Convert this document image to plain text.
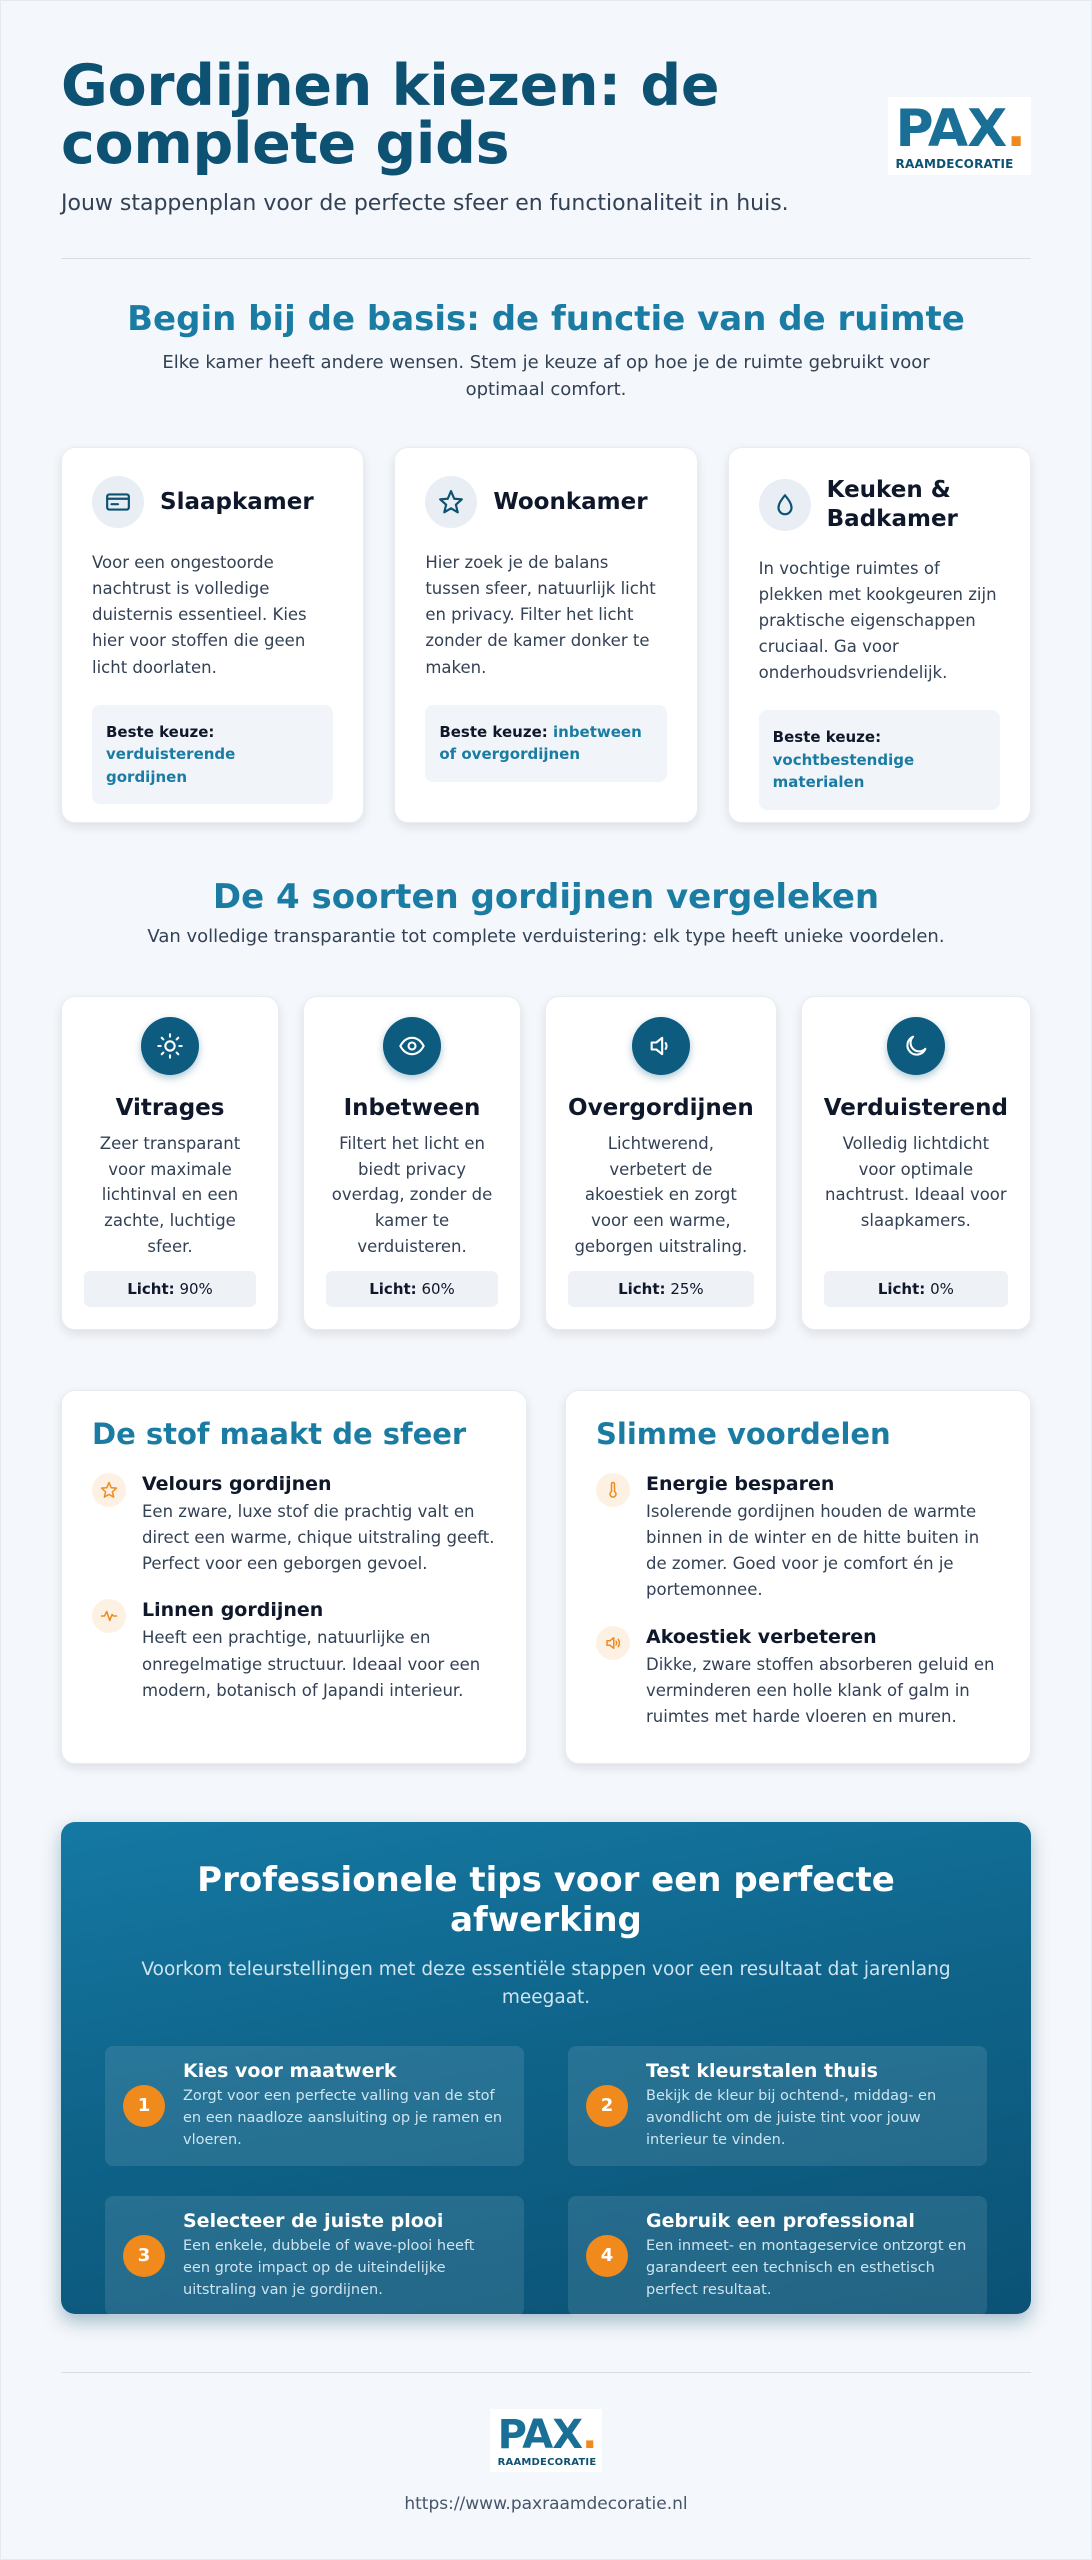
Gordijnen kiezen: de complete gids

Jouw stappenplan voor de perfecte sfeer en functionaliteit in huis.

PAX.
RAAMDECORATIE
Begin bij de basis: de functie van de ruimte

Elke kamer heeft andere wensen. Stem je keuze af op hoe je de ruimte gebruikt voor optimaal comfort.

Slaapkamer

Voor een ongestoorde nachtrust is volledige duisternis essentieel. Kies hier voor stoffen die geen licht doorlaten.

Beste keuze:
verduisterende gordijnen
Woonkamer

Hier zoek je de balans tussen sfeer, natuurlijk licht en privacy. Filter het licht zonder de kamer donker te maken.

Beste keuze: inbetween of overgordijnen
Keuken & Badkamer

In vochtige ruimtes of plekken met kookgeuren zijn praktische eigenschappen cruciaal. Ga voor onderhoudsvriendelijk.

Beste keuze:
vochtbestendige materialen
De 4 soorten gordijnen vergeleken

Van volledige transparantie tot complete verduistering: elk type heeft unieke voordelen.

Vitrages

Zeer transparant voor maximale lichtinval en een zachte, luchtige sfeer.

Licht: 90%
Inbetween

Filtert het licht en biedt privacy overdag, zonder de kamer te verduisteren.

Licht: 60%
Overgordijnen

Lichtwerend, verbetert de akoestiek en zorgt voor een warme, geborgen uitstraling.

Licht: 25%
Verduisterend

Volledig lichtdicht voor optimale nachtrust. Ideaal voor slaapkamers.

Licht: 0%
De stof maakt de sfeer
Velours gordijnen

Een zware, luxe stof die prachtig valt en direct een warme, chique uitstraling geeft. Perfect voor een geborgen gevoel.

Linnen gordijnen

Heeft een prachtige, natuurlijke en onregelmatige structuur. Ideaal voor een modern, botanisch of Japandi interieur.

Slimme voordelen
Energie besparen

Isolerende gordijnen houden de warmte binnen in de winter en de hitte buiten in de zomer. Goed voor je comfort én je portemonnee.

Akoestiek verbeteren

Dikke, zware stoffen absorberen geluid en verminderen een holle klank of galm in ruimtes met harde vloeren en muren.

Professionele tips voor een perfecte afwerking

Voorkom teleurstellingen met deze essentiële stappen voor een resultaat dat jarenlang meegaat.

1
Kies voor maatwerk

Zorgt voor een perfecte valling van de stof en een naadloze aansluiting op je ramen en vloeren.

2
Test kleurstalen thuis

Bekijk de kleur bij ochtend-, middag- en avondlicht om de juiste tint voor jouw interieur te vinden.

3
Selecteer de juiste plooi

Een enkele, dubbele of wave-plooi heeft een grote impact op de uiteindelijke uitstraling van je gordijnen.

4
Gebruik een professional

Een inmeet- en montageservice ontzorgt en garandeert een technisch en esthetisch perfect resultaat.

PAX.
RAAMDECORATIE
https://www.paxraamdecoratie.nl
